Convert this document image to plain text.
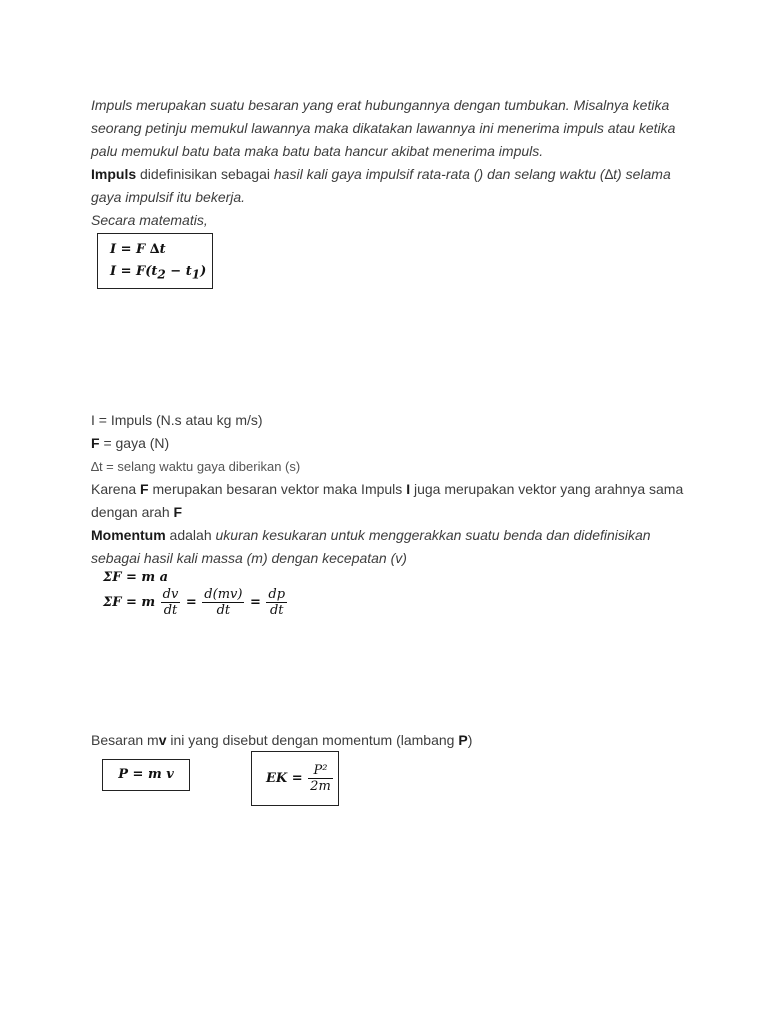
Impuls merupakan suatu besaran yang erat hubungannya dengan tumbukan. Misalnya ketika seorang petinju memukul lawannya maka dikatakan lawannya ini menerima impuls atau ketika palu memukul batu bata maka batu bata hancur akibat menerima impuls.
Impuls didefinisikan sebagai hasil kali gaya impulsif rata-rata () dan selang waktu (∆t) selama gaya impulsif itu bekerja.
Secara matematis,
I = F ∆t
$I = F(t_2 - t_1)$
I = Impuls (N.s atau kg m/s)
F = gaya (N)
∆t = selang waktu gaya diberikan (s)
Karena F merupakan besaran vektor maka Impuls I juga merupakan vektor yang arahnya sama dengan arah F
Momentum adalah ukuran kesukaran untuk menggerakkan suatu benda dan didefinisikan sebagai hasil kali massa (m) dengan kecepatan (v)
ΣF = m a
ΣF = m $\frac{dv}{dt} = \frac{d(mv)}{dt} = \frac{dp}{dt}$
Besaran mv ini yang disebut dengan momentum (lambang P)
P = m v	EK = $\frac{\text{P²}}{2m}$
